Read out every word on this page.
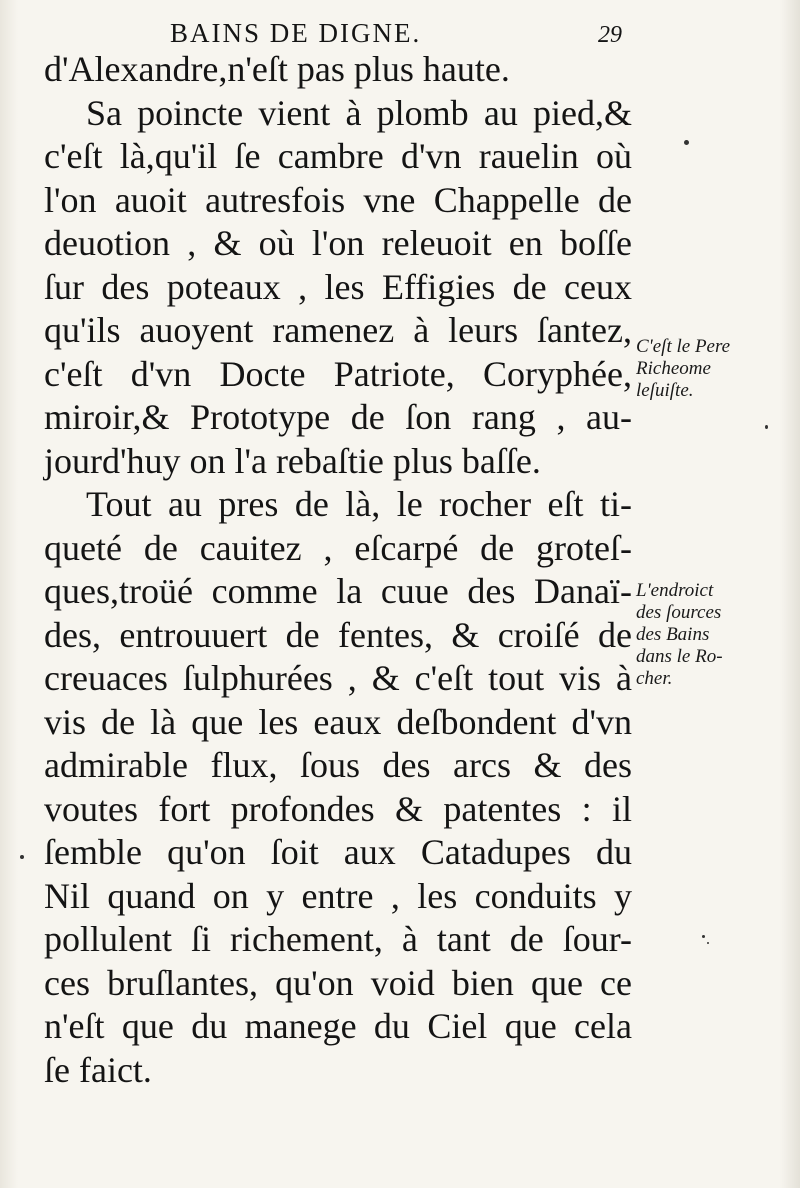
BAINS DE DIGNE.	29
d'Alexandre,n'eſt pas plus haute.
Sa poincte vient à plomb au pied,&
c'eſt là,qu'il ſe cambre d'vn rauelin où
l'on auoit autresfois vne Chappelle de
deuotion , & où l'on releuoit en boſſe
ſur des poteaux , les Effigies de ceux
qu'ils auoyent ramenez à leurs ſantez,
c'eſt d'vn Docte Patriote, Coryphée,
miroir,& Prototype de ſon rang , au-
jourd'huy on l'a rebaſtie plus baſſe.
Tout au pres de là, le rocher eſt ti-
queté de cauitez , eſcarpé de groteſ-
ques,troüé comme la cuue des Danaï-
des, entrouuert de fentes, & croiſé de
creuaces ſulphurées , & c'eſt tout vis à
vis de là que les eaux deſbondent d'vn
admirable flux, ſous des arcs & des
voutes fort profondes & patentes : il
ſemble qu'on ſoit aux Catadupes du
Nil quand on y entre , les conduits y
pollulent ſi richement, à tant de ſour-
ces bruſlantes, qu'on void bien que ce
n'eſt que du manege du Ciel que cela
ſe faict.
C'eſt le Pere
Richeome
leſuiſte.
L'endroict
des ſources
des Bains
dans le Ro-
cher.
